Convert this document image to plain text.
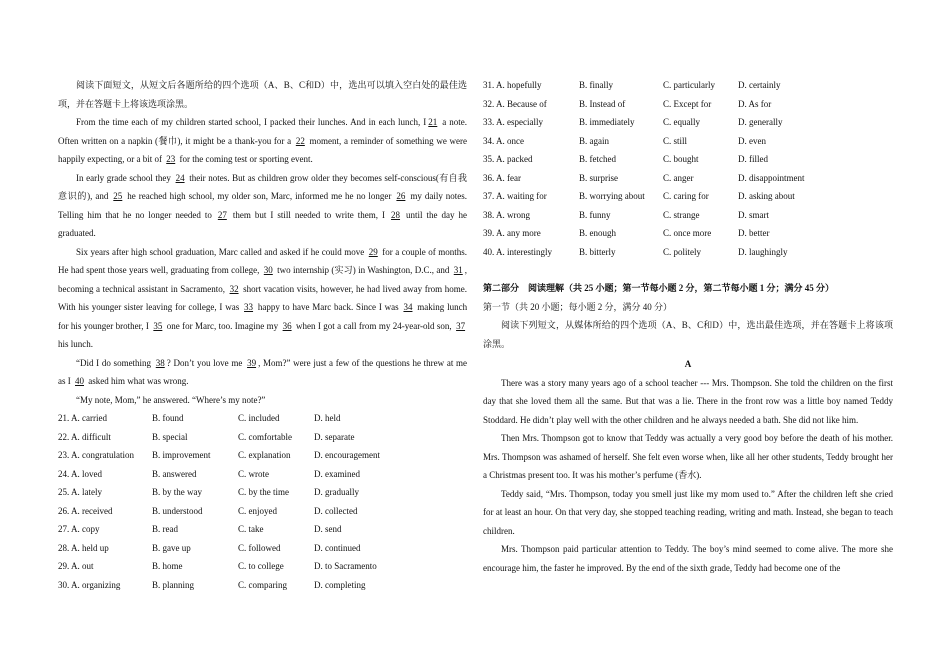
阅读下面短文，从短文后各题所给的四个选项（A、B、C和D）中，选出可以填入空白处的最佳选项，并在答题卡上将该选项涂黑。

From the time each of my children started school, I packed their lunches. And in each lunch, I 21 a note. Often written on a napkin (餐巾), it might be a thank-you for a 22 moment, a reminder of something we were happily expecting, or a bit of 23 for the coming test or sporting event.

In early grade school they 24 their notes. But as children grow older they becomes self-conscious(有自我意识的), and 25 he reached high school, my older son, Marc, informed me he no longer 26 my daily notes. Telling him that he no longer needed to 27 them but I still needed to write them, I 28 until the day he graduated.

Six years after high school graduation, Marc called and asked if he could move 29 for a couple of months. He had spent those years well, graduating from college, 30 two internship (实习) in Washington, D.C., and 31 , becoming a technical assistant in Sacramento, 32 short vacation visits, however, he had lived away from home. With his younger sister leaving for college, I was 33 happy to have Marc back. Since I was 34 making lunch for his younger brother, I 35 one for Marc, too. Imagine my 36 when I got a call from my 24-year-old son, 37 his lunch.

“Did I do something 38 ? Don’t you love me 39 , Mom?” were just a few of the questions he threw at me as I 40 asked him what was wrong.

“My note, Mom,” he answered. “Where’s my note?”

21. A. carried	B. found	C. included	D. held
22. A. difficult	B. special	C. comfortable	D. separate
23. A. congratulation	B. improvement	C. explanation	D. encouragement
24. A. loved	B. answered	C. wrote	D. examined
25. A. lately	B. by the way	C. by the time	D. gradually
26. A. received	B. understood	C. enjoyed	D. collected
27. A. copy	B. read	C. take	D. send
28. A. held up	B. gave up	C. followed	D. continued
29. A. out	B. home	C. to college	D. to Sacramento
30. A. organizing	B. planning	C. comparing	D. completing
31. A. hopefully	B. finally	C. particularly	D. certainly
32. A. Because of	B. Instead of	C. Except for	D. As for
33. A. especially	B. immediately	C. equally	D. generally
34. A. once	B. again	C. still	D. even
35. A. packed	B. fetched	C. bought	D. filled
36. A. fear	B. surprise	C. anger	D. disappointment
37. A. waiting for	B. worrying about	C. caring for	D. asking about
38. A. wrong	B. funny	C. strange	D. smart
39. A. any more	B. enough	C. once more	D. better
40. A. interestingly	B. bitterly	C. politely	D. laughingly

第二部分　阅读理解（共 25 小题；第一节每小题 2 分，第二节每小题 1 分；满分 45 分）

第一节（共 20 小题；每小题 2 分，满分 40 分）

阅读下列短文，从媒体所给的四个选项（A、B、C和D）中，选出最佳选项，并在答题卡上将该项涂黑。

A

There was a story many years ago of a school teacher --- Mrs. Thompson. She told the children on the first day that she loved them all the same. But that was a lie. There in the front row was a little boy named Teddy Stoddard. He didn’t play well with the other children and he always needed a bath. She did not like him.

Then Mrs. Thompson got to know that Teddy was actually a very good boy before the death of his mother. Mrs. Thompson was ashamed of herself. She felt even worse when, like all her other students, Teddy brought her a Christmas present too. It was his mother’s perfume (香水).

Teddy said, “Mrs. Thompson, today you smell just like my mom used to.” After the children left she cried for at least an hour. On that very day, she stopped teaching reading, writing and math. Instead, she began to teach children.

Mrs. Thompson paid particular attention to Teddy. The boy’s mind seemed to come alive. The more she encourage him, the faster he improved. By the end of the sixth grade, Teddy had become one of the
